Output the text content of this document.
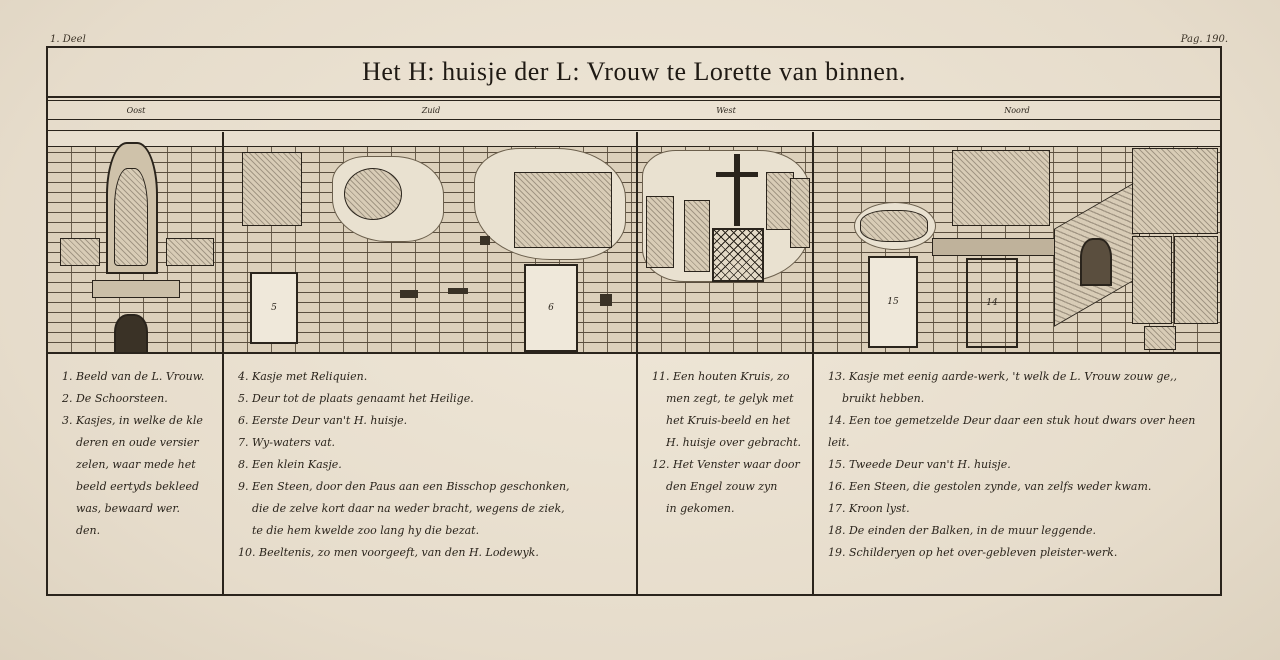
1. Deel	Pag. 190.
Het H: huisje der L: Vrouw te Lorette van binnen.
Oost	Zuid	West	Noord
5	6
15	14

1. Beeld van de L. Vrouw.

2. De Schoorsteen.

3. Kasjes, in welke de kle

deren en oude versier

zelen, waar mede het

beeld eertyds bekleed

was, bewaard wer.

den.

4. Kasje met Reliquien.

5. Deur tot de plaats genaamt het Heilige.

6. Eerste Deur van't H. huisje.

7. Wy-waters vat.

8. Een klein Kasje.

9. Een Steen, door den Paus aan een Bisschop geschonken,

die de zelve kort daar na weder bracht, wegens de ziek,

te die hem kwelde zoo lang hy die bezat.

10. Beeltenis, zo men voorgeeft, van den H. Lodewyk.

11. Een houten Kruis, zo

men zegt, te gelyk met

het Kruis-beeld en het

H. huisje over gebracht.

12. Het Venster waar door

den Engel zouw zyn

in gekomen.

13. Kasje met eenig aarde-werk, 't welk de L. Vrouw zouw ge,,

bruikt hebben.

14. Een toe gemetzelde Deur daar een stuk hout dwars over heen leit.

15. Tweede Deur van't H. huisje.

16. Een Steen, die gestolen zynde, van zelfs weder kwam.

17. Kroon lyst.

18. De einden der Balken, in de muur leggende.

19. Schilderyen op het over-gebleven pleister-werk.
